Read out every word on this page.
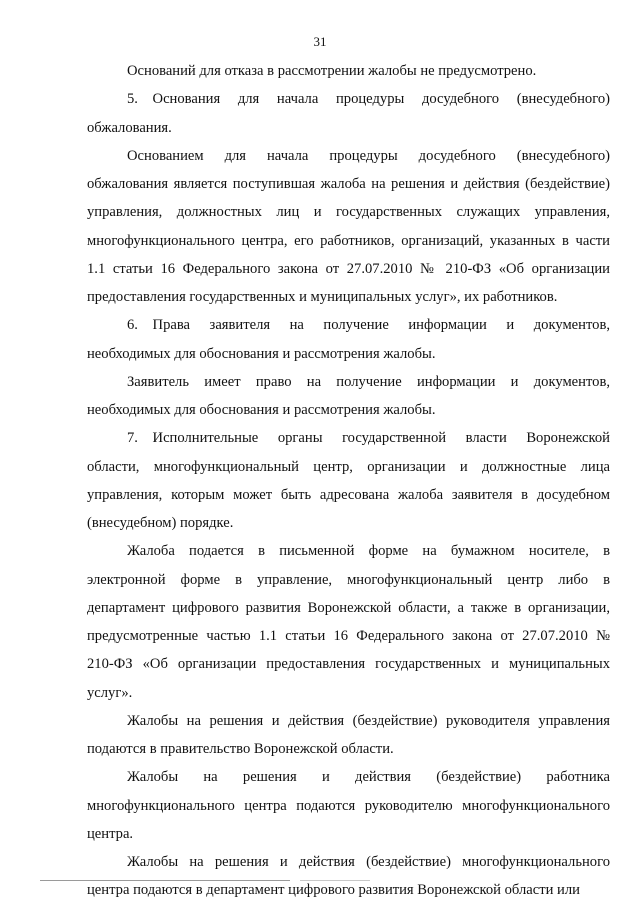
31
Оснований для отказа в рассмотрении жалобы не предусмотрено.
5. Основания для начала процедуры досудебного (внесудебного)
обжалования.
Основанием для начала процедуры досудебного (внесудебного)
обжалования является поступившая жалоба на решения и действия (бездействие)
управления, должностных лиц и государственных служащих управления,
многофункционального центра, его работников, организаций, указанных в части
1.1 статьи 16 Федерального закона от 27.07.2010 № 210-ФЗ «Об организации
предоставления государственных и муниципальных услуг», их работников.
6. Права заявителя на получение информации и документов,
необходимых для обоснования и рассмотрения жалобы.
Заявитель имеет право на получение информации и документов,
необходимых для обоснования и рассмотрения жалобы.
7. Исполнительные органы государственной власти Воронежской
области, многофункциональный центр, организации и должностные лица
управления, которым может быть адресована жалоба заявителя в досудебном
(внесудебном) порядке.
Жалоба подается в письменной форме на бумажном носителе, в
электронной форме в управление, многофункциональный центр либо в
департамент цифрового развития Воронежской области, а также в организации,
предусмотренные частью 1.1 статьи 16 Федерального закона от 27.07.2010 №
210-ФЗ «Об организации предоставления государственных и муниципальных
услуг».
Жалобы на решения и действия (бездействие) руководителя управления
подаются в правительство Воронежской области.
Жалобы на решения и действия (бездействие) работника
многофункционального центра подаются руководителю многофункционального
центра.
Жалобы на решения и действия (бездействие) многофункционального
центра подаются в департамент цифрового развития Воронежской области или
